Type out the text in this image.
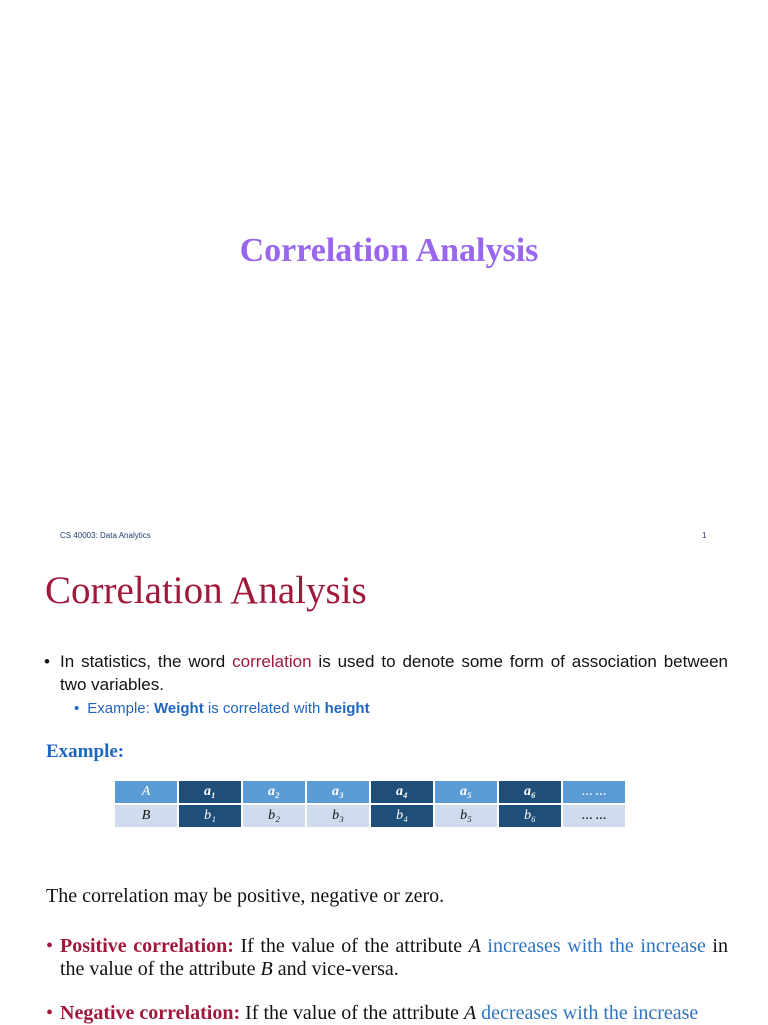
Correlation Analysis
CS 40003: Data Analytics	1
Correlation Analysis
• In statistics, the word correlation is used to denote some form of association between two variables.
• Example: Weight is correlated with height

Example:

A	a₁	a₂	a₃	a₄	a₅	a₆	… …
B	b₁	b₂	b₃	b₄	b₅	b₆	… …

The correlation may be positive, negative or zero.

• Positive correlation: If the value of the attribute A increases with the increase in the value of the attribute B and vice-versa.
• Negative correlation: If the value of the attribute A decreases with the increase
